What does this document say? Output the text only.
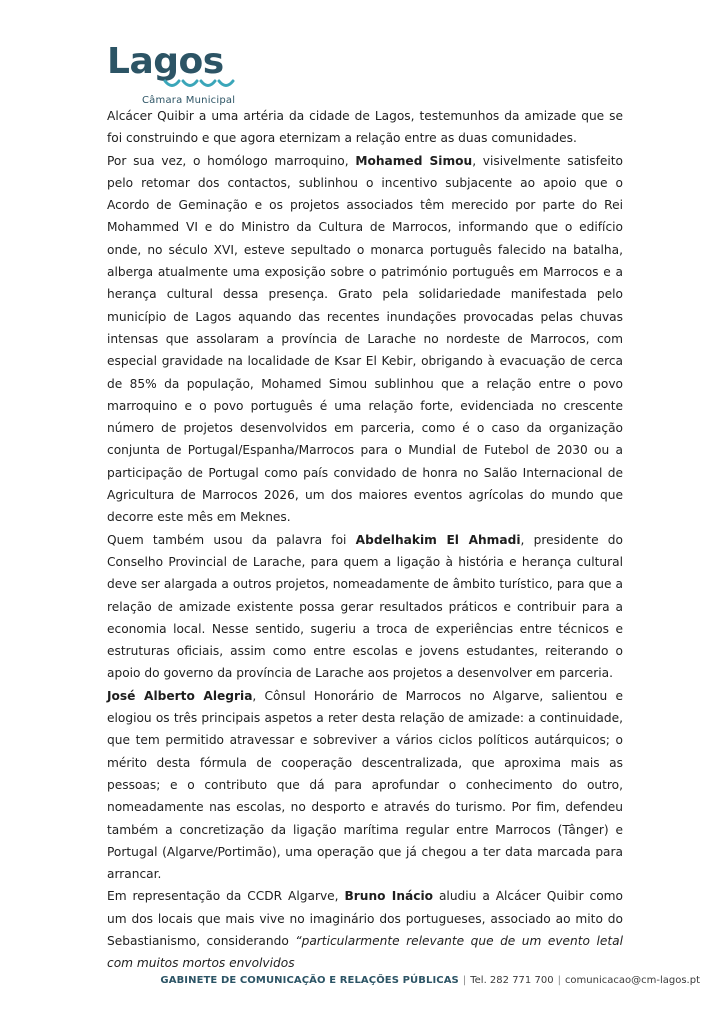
Lagos
Câmara Municipal

Alcácer Quibir a uma artéria da cidade de Lagos, testemunhos da amizade que se foi construindo e que agora eternizam a relação entre as duas comunidades.

Por sua vez, o homólogo marroquino, Mohamed Simou, visivelmente satisfeito pelo retomar dos contactos, sublinhou o incentivo subjacente ao apoio que o Acordo de Geminação e os projetos associados têm merecido por parte do Rei Mohammed VI e do Ministro da Cultura de Marrocos, informando que o edifício onde, no século XVI, esteve sepultado o monarca português falecido na batalha, alberga atualmente uma exposição sobre o património português em Marrocos e a herança cultural dessa presença. Grato pela solidariedade manifestada pelo município de Lagos aquando das recentes inundações provocadas pelas chuvas intensas que assolaram a província de Larache no nordeste de Marrocos, com especial gravidade na localidade de Ksar El Kebir, obrigando à evacuação de cerca de 85% da população, Mohamed Simou sublinhou que a relação entre o povo marroquino e o povo português é uma relação forte, evidenciada no crescente número de projetos desenvolvidos em parceria, como é o caso da organização conjunta de Portugal/Espanha/Marrocos para o Mundial de Futebol de 2030 ou a participação de Portugal como país convidado de honra no Salão Internacional de Agricultura de Marrocos 2026, um dos maiores eventos agrícolas do mundo que decorre este mês em Meknes.

Quem também usou da palavra foi Abdelhakim El Ahmadi, presidente do Conselho Provincial de Larache, para quem a ligação à história e herança cultural deve ser alargada a outros projetos, nomeadamente de âmbito turístico, para que a relação de amizade existente possa gerar resultados práticos e contribuir para a economia local. Nesse sentido, sugeriu a troca de experiências entre técnicos e estruturas oficiais, assim como entre escolas e jovens estudantes, reiterando o apoio do governo da província de Larache aos projetos a desenvolver em parceria.

José Alberto Alegria, Cônsul Honorário de Marrocos no Algarve, salientou e elogiou os três principais aspetos a reter desta relação de amizade: a continuidade, que tem permitido atravessar e sobreviver a vários ciclos políticos autárquicos; o mérito desta fórmula de cooperação descentralizada, que aproxima mais as pessoas; e o contributo que dá para aprofundar o conhecimento do outro, nomeadamente nas escolas, no desporto e através do turismo. Por fim, defendeu também a concretização da ligação marítima regular entre Marrocos (Tânger) e Portugal (Algarve/Portimão), uma operação que já chegou a ter data marcada para arrancar.

Em representação da CCDR Algarve, Bruno Inácio aludiu a Alcácer Quibir como um dos locais que mais vive no imaginário dos portugueses, associado ao mito do Sebastianismo, considerando “particularmente relevante que de um evento letal com muitos mortos envolvidos

GABINETE DE COMUNICAÇÃO E RELAÇÕES PÚBLICAS | Tel. 282 771 700 | comunicacao@cm-lagos.pt
